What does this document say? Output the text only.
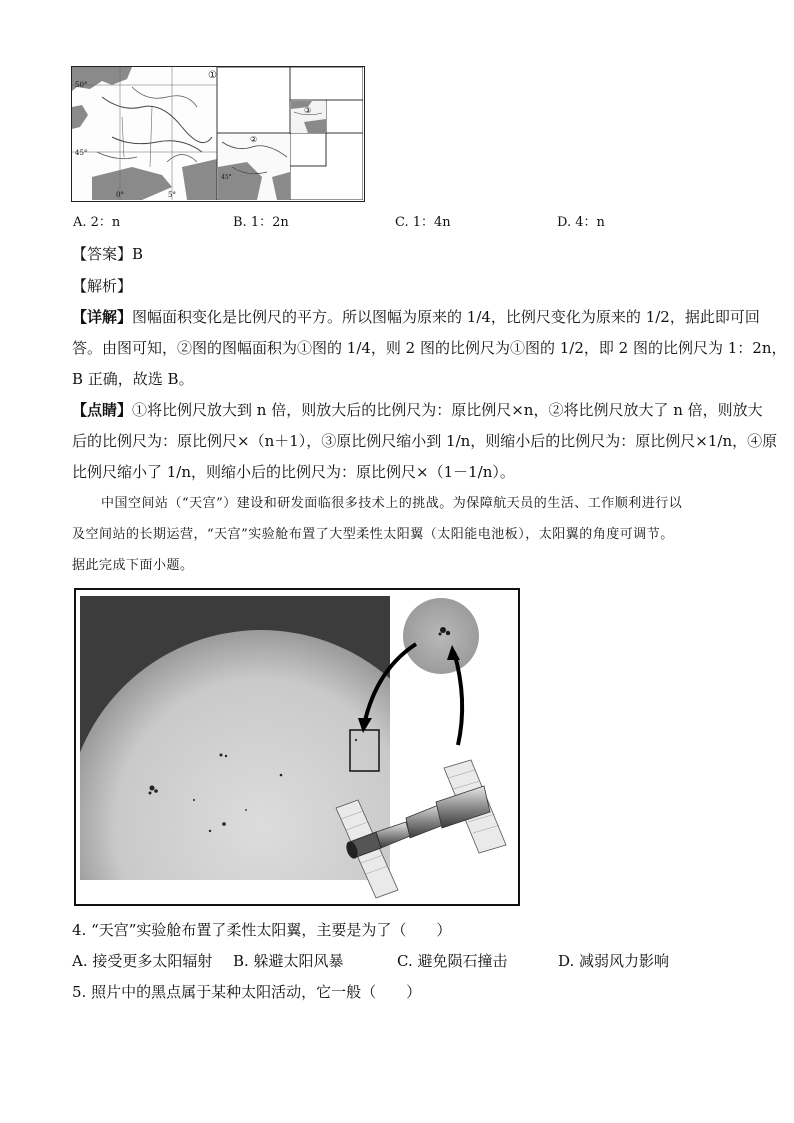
①
②
③
50°
45°
0°	5°
45°
A. 2：n	B. 1：2n	C. 1：4n	D. 4：n
【答案】B
【解析】
【详解】图幅面积变化是比例尺的平方。所以图幅为原来的 1/4，比例尺变化为原来的 1/2，据此即可回
答。由图可知，②图的图幅面积为①图的 1/4，则 2 图的比例尺为①图的 1/2，即 2 图的比例尺为 1：2n，
B 正确，故选 B。
【点睛】①将比例尺放大到 n 倍，则放大后的比例尺为：原比例尺×n，②将比例尺放大了 n 倍，则放大
后的比例尺为：原比例尺×（n＋1），③原比例尺缩小到 1/n，则缩小后的比例尺为：原比例尺×1/n，④原
比例尺缩小了 1/n，则缩小后的比例尺为：原比例尺×（1－1/n）。
中国空间站（“天宫”）建设和研发面临很多技术上的挑战。为保障航天员的生活、工作顺利进行以
及空间站的长期运营，“天宫”实验舱布置了大型柔性太阳翼（太阳能电池板），太阳翼的角度可调节。
据此完成下面小题。
4. “天宫”实验舱布置了柔性太阳翼，主要是为了（　　）
A. 接受更多太阳辐射 B. 躲避太阳风暴	C. 避免陨石撞击	D. 减弱风力影响
5. 照片中的黑点属于某种太阳活动，它一般（　　）
